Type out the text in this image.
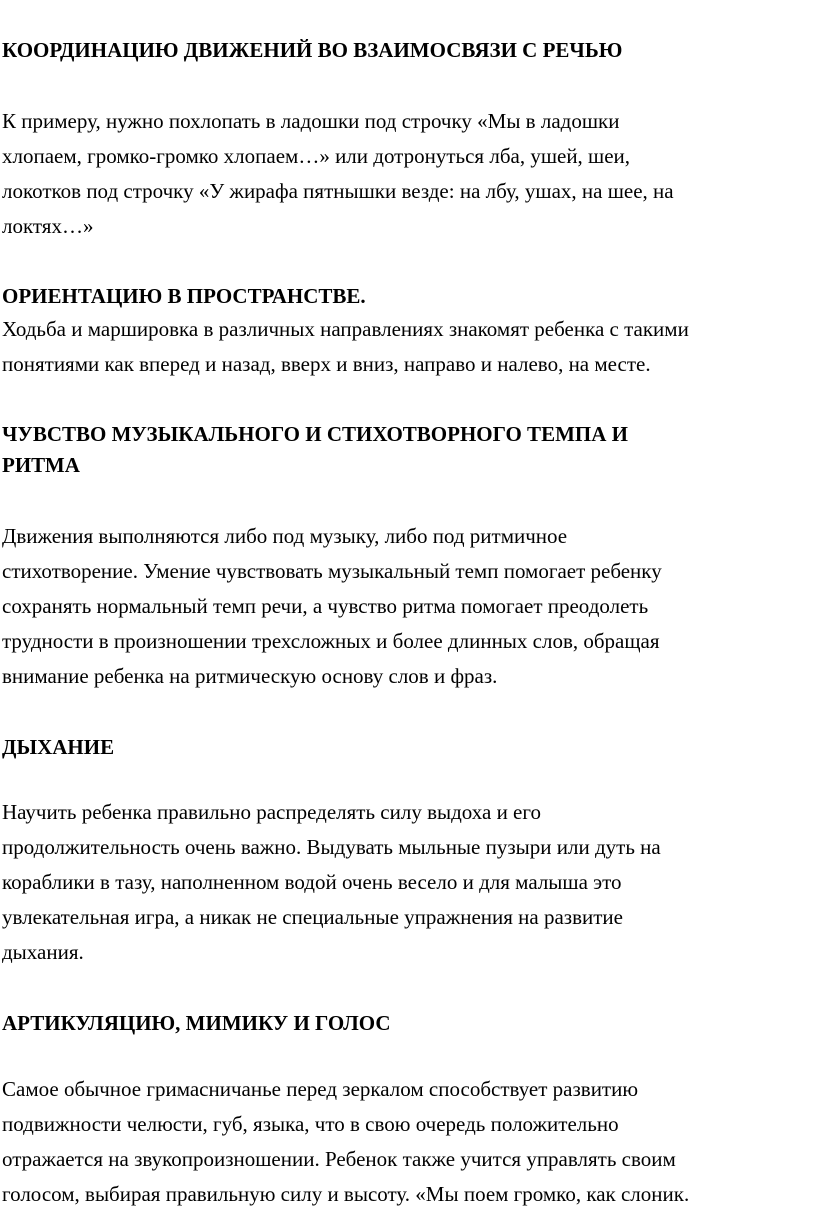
КООРДИНАЦИЮ ДВИЖЕНИЙ ВО ВЗАИМОСВЯЗИ С РЕЧЬЮ
К примеру, нужно похлопать в ладошки под строчку «Мы в ладошки
хлопаем, громко-громко хлопаем…» или дотронуться лба, ушей, шеи,
локотков под строчку «У жирафа пятнышки везде: на лбу, ушах, на шее, на
локтях…»
ОРИЕНТАЦИЮ В ПРОСТРАНСТВЕ.
Ходьба и маршировка в различных направлениях знакомят ребенка с такими
понятиями как вперед и назад, вверх и вниз, направо и налево, на месте.
ЧУВСТВО МУЗЫКАЛЬНОГО И СТИХОТВОРНОГО ТЕМПА И
РИТМА
Движения выполняются либо под музыку, либо под ритмичное
стихотворение. Умение чувствовать музыкальный темп помогает ребенку
сохранять нормальный темп речи, а чувство ритма помогает преодолеть
трудности в произношении трехсложных и более длинных слов, обращая
внимание ребенка на ритмическую основу слов и фраз.
ДЫХАНИЕ
Научить ребенка правильно распределять силу выдоха и его
продолжительность очень важно. Выдувать мыльные пузыри или дуть на
кораблики в тазу, наполненном водой очень весело и для малыша это
увлекательная игра, а никак не специальные упражнения на развитие
дыхания.
АРТИКУЛЯЦИЮ, МИМИКУ И ГОЛОС
Самое обычное гримасничанье перед зеркалом способствует развитию
подвижности челюсти, губ, языка, что в свою очередь положительно
отражается на звукопроизношении. Ребенок также учится управлять своим
голосом, выбирая правильную силу и высоту. «Мы поем громко, как слоник.
